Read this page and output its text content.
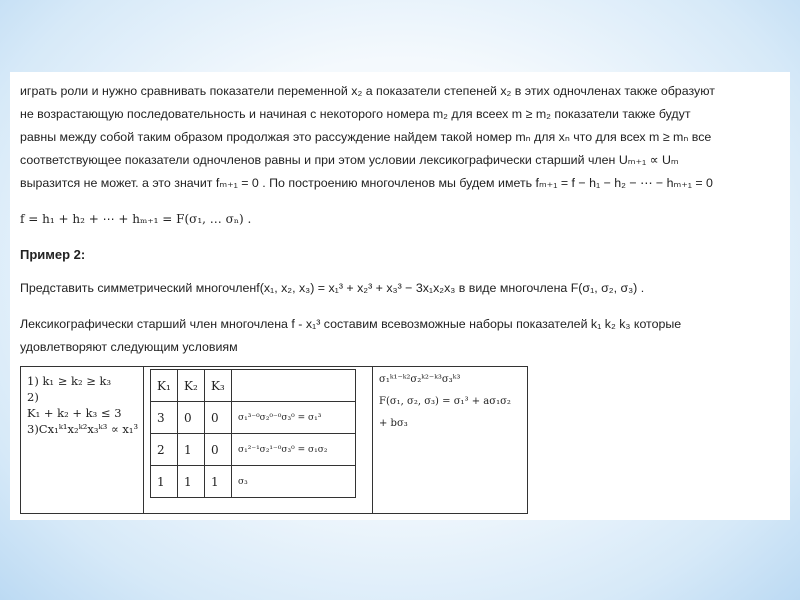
играть роли и нужно сравнивать показатели переменной x₂ а показатели степеней x₂ в этих одночленах также образуют
не возрастающую последовательность и начиная с некоторого номера m₂ для всеех m ≥ m₂ показатели также будут
равны между собой таким образом продолжая это рассуждение найдем такой номер mₙ для xₙ что для всех m ≥ mₙ все
соответствующее показатели одночленов равны и при этом условии лексикографически старший член Uₘ₊₁ ∝ Uₘ
выразится не может. а это значит fₘ₊₁ = 0 . По построению многочленов мы будем иметь fₘ₊₁ = f − h₁ − h₂ − ⋯ − hₘ₊₁ = 0
f = h₁ + h₂ + ⋯ + hₘ₊₁ = F(σ₁, … σₙ) .
Пример 2:
Представить симметрический многочленf(x₁, x₂, x₃) = x₁³ + x₂³ + x₃³ − 3x₁x₂x₃ в виде многочлена F(σ₁, σ₂, σ₃) .
Лексикографически старший член многочлена f - x₁³ составим всевозможные наборы показателей k₁ k₂ k₃ которые
удовлетворяют следующим условиям
1) k₁ ≥ k₂ ≥ k₃
2)
K₁ + k₂ + k₃ ≤ 3
3)Cx₁ᵏ¹x₂ᵏ²x₃ᵏ³ ∝ x₁³

K₁	K₂	K₃	
3	0	0	σ₁³⁻⁰σ₂⁰⁻⁰σ₃⁰ = σ₁³
2	1	0	σ₁²⁻¹σ₂¹⁻⁰σ₃⁰ = σ₁σ₂
1	1	1	σ₃

σ₁ᵏ¹⁻ᵏ²σ₂ᵏ²⁻ᵏ³σ₃ᵏ³
F(σ₁, σ₂, σ₃) = σ₁³ + aσ₁σ₂ + bσ₃
